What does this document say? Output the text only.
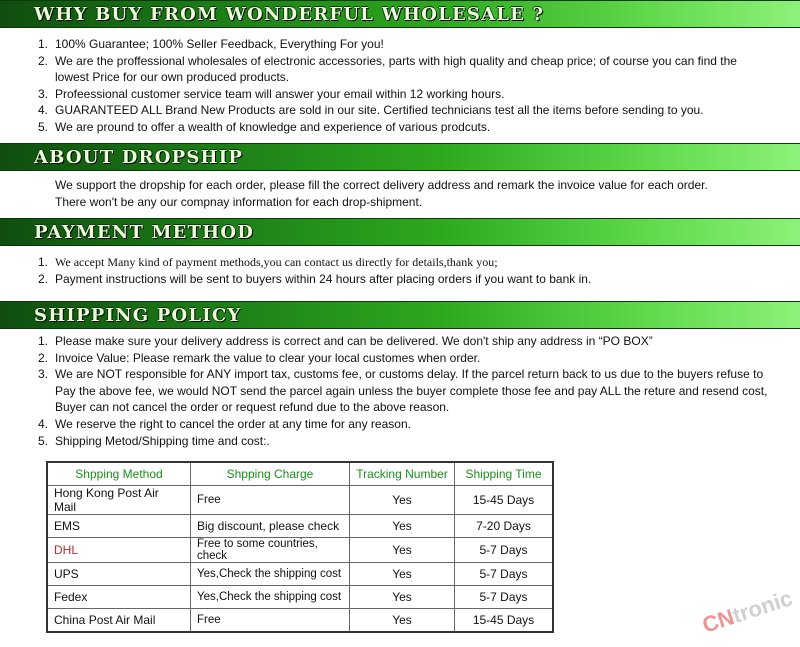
WHY BUY FROM WONDERFUL WHOLESALE ?
1. 100% Guarantee; 100% Seller Feedback, Everything For you!
2. We are the proffessional wholesales of electronic accessories, parts with high quality and cheap price; of course you can find the lowest Price for our own produced products.
3. Profeessional customer service team will answer your email within 12 working hours.
4. GUARANTEED ALL Brand New Products are sold in our site. Certified technicians test all the items before sending to you.
5. We are pround to offer a wealth of knowledge and experience of various prodcuts.
ABOUT DROPSHIP

We support the dropship for each order, please fill the correct delivery address and remark the invoice value for each order.

There won't be any our compnay information for each drop-shipment.

PAYMENT METHOD
1. We accept Many kind of payment methods,you can contact us directly for details,thank you;
2. Payment instructions will be sent to buyers within 24 hours after placing orders if you want to bank in.
SHIPPING POLICY
1. Please make sure your delivery address is correct and can be delivered. We don't ship any address in “PO BOX”
2. Invoice Value: Please remark the value to clear your local customes when order.
3. We are NOT responsible for ANY import tax, customs fee, or customs delay. If the parcel return back to us due to the buyers refuse to Pay the above fee, we would NOT send the parcel again unless the buyer complete those fee and pay ALL the reture and resend cost, Buyer can not cancel the order or request refund due to the above reason.
4. We reserve the right to cancel the order at any time for any reason.
5. Shipping Metod/Shipping time and cost:.
Shpping Method	Shpping Charge	Tracking Number	Shipping Time
Hong Kong Post Air Mail	Free	Yes	15-45 Days
EMS	Big discount, please check	Yes	7-20 Days
DHL	Free to some countries, check	Yes	5-7 Days
UPS	Yes,Check the shipping cost	Yes	5-7 Days
Fedex	Yes,Check the shipping cost	Yes	5-7 Days
China Post Air Mail	Free	Yes	15-45 Days	CNtronic
